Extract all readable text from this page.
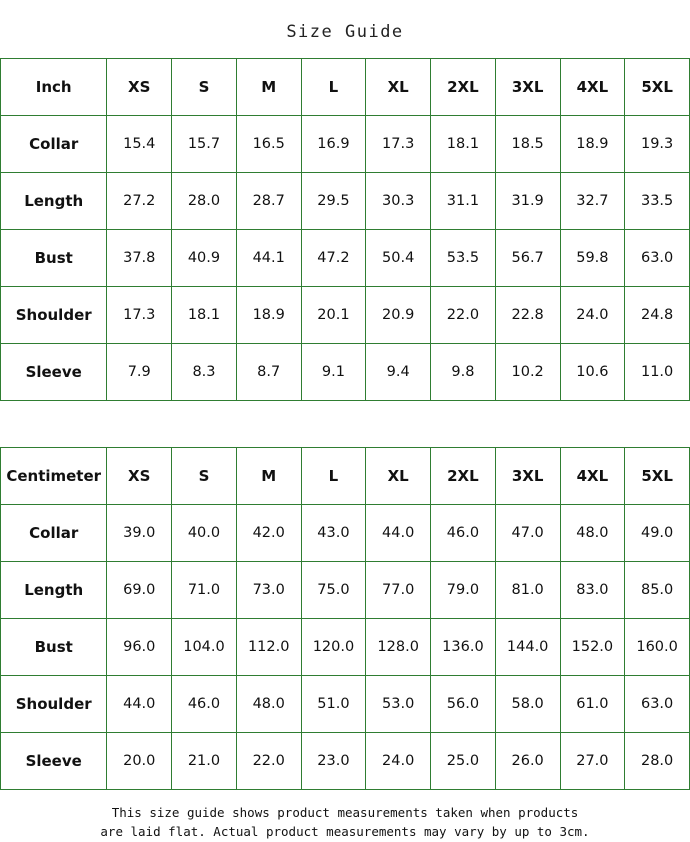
Size Guide
Inch	XS	S	M	L	XL	2XL	3XL	4XL	5XL
Collar	15.4	15.7	16.5	16.9	17.3	18.1	18.5	18.9	19.3
Length	27.2	28.0	28.7	29.5	30.3	31.1	31.9	32.7	33.5
Bust	37.8	40.9	44.1	47.2	50.4	53.5	56.7	59.8	63.0
Shoulder	17.3	18.1	18.9	20.1	20.9	22.0	22.8	24.0	24.8
Sleeve	7.9	8.3	8.7	9.1	9.4	9.8	10.2	10.6	11.0
Centimeter	XS	S	M	L	XL	2XL	3XL	4XL	5XL
Collar	39.0	40.0	42.0	43.0	44.0	46.0	47.0	48.0	49.0
Length	69.0	71.0	73.0	75.0	77.0	79.0	81.0	83.0	85.0
Bust	96.0	104.0	112.0	120.0	128.0	136.0	144.0	152.0	160.0
Shoulder	44.0	46.0	48.0	51.0	53.0	56.0	58.0	61.0	63.0
Sleeve	20.0	21.0	22.0	23.0	24.0	25.0	26.0	27.0	28.0
This size guide shows product measurements taken when products
are laid flat. Actual product measurements may vary by up to 3cm.
